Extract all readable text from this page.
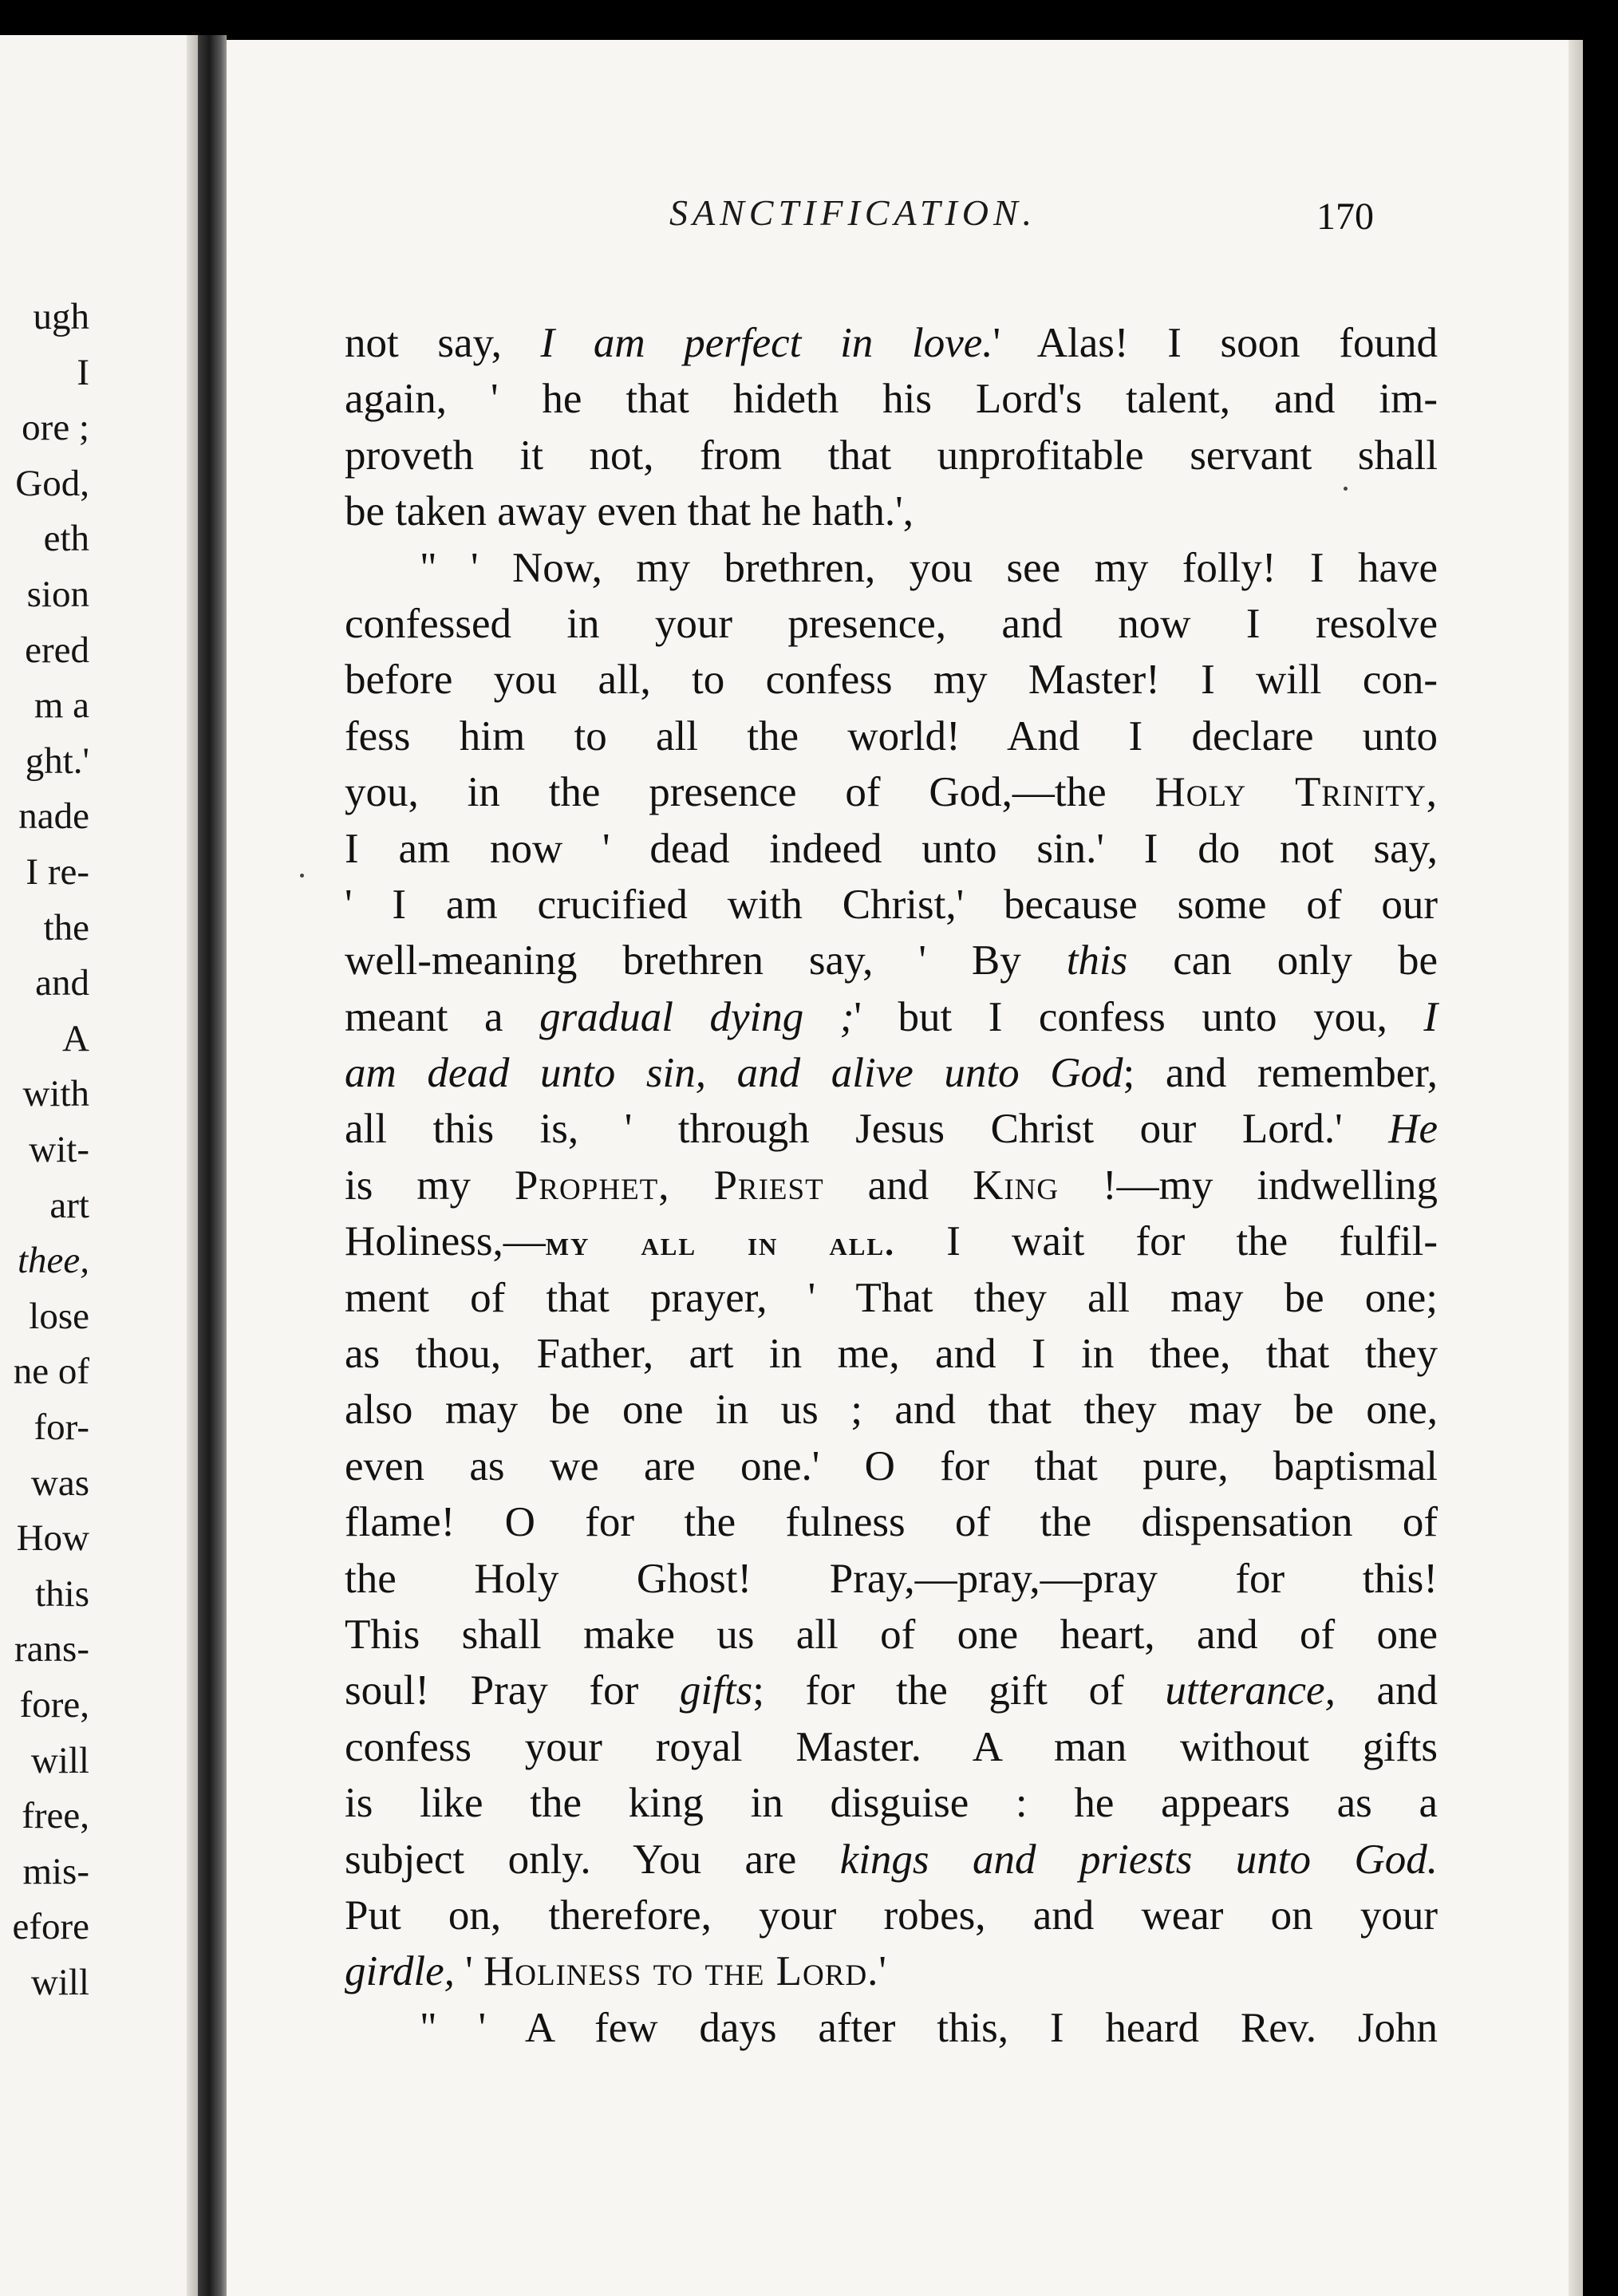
ugh
I
ore ;
God,
eth
sion
ered
m a
ght.'
nade
I re-
the
and
A
with
wit-
art
thee,
lose
ne of
for-
was
How
this
rans-
fore,
will
free,
mis-
efore
will
SANCTIFICATION.	170
not say, I am perfect in love.' Alas! I soon found
again, ' he that hideth his Lord's talent, and im-
proveth it not, from that unprofitable servant shall
be taken away even that he hath.',
" ' Now, my brethren, you see my folly! I have
confessed in your presence, and now I resolve
before you all, to confess my Master! I will con-
fess him to all the world! And I declare unto
you, in the presence of God,—the Holy Trinity,
I am now ' dead indeed unto sin.' I do not say,
' I am crucified with Christ,' because some of our
well-meaning brethren say, ' By this can only be
meant a gradual dying ;' but I confess unto you, I
am dead unto sin, and alive unto God; and remember,
all this is, ' through Jesus Christ our Lord.' He
is my Prophet, Priest and King !—my indwelling
Holiness,—my all in all. I wait for the fulfil-
ment of that prayer, ' That they all may be one;
as thou, Father, art in me, and I in thee, that they
also may be one in us ; and that they may be one,
even as we are one.' O for that pure, baptismal
flame! O for the fulness of the dispensation of
the Holy Ghost! Pray,—pray,—pray for this!
This shall make us all of one heart, and of one
soul! Pray for gifts; for the gift of utterance, and
confess your royal Master. A man without gifts
is like the king in disguise : he appears as a
subject only. You are kings and priests unto God.
Put on, therefore, your robes, and wear on your
girdle, ' Holiness to the Lord.'
" ' A few days after this, I heard Rev. John
